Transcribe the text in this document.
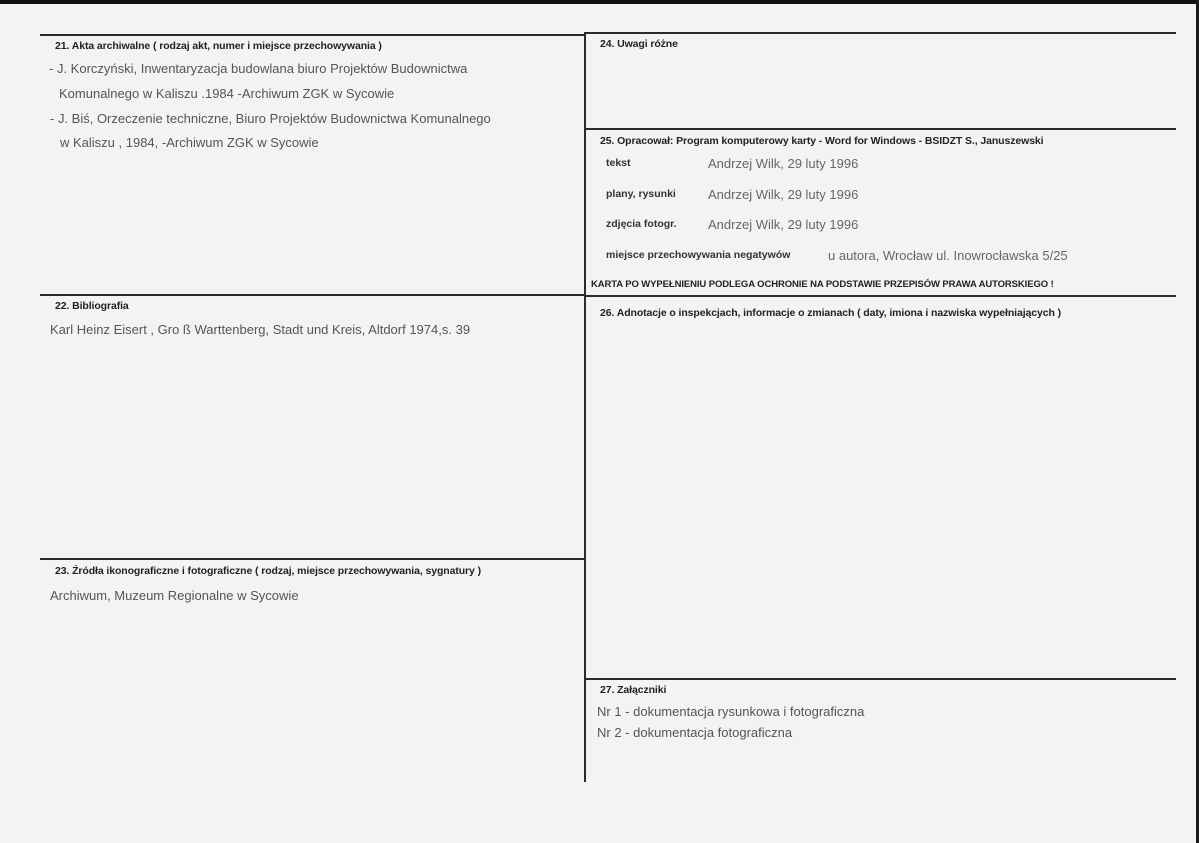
21. Akta archiwalne ( rodzaj akt, numer i miejsce przechowywania )
- J. Korczyński, Inwentaryzacja budowlana biuro Projektów Budownictwa
Komunalnego w Kaliszu .1984 -Archiwum ZGK w Sycowie
- J. Biś, Orzeczenie techniczne, Biuro Projektów Budownictwa Komunalnego
w Kaliszu , 1984, -Archiwum ZGK w Sycowie
22. Bibliografia
Karl Heinz Eisert , Gro ß Warttenberg, Stadt und Kreis, Altdorf 1974,s. 39
23. Źródła ikonograficzne i fotograficzne ( rodzaj, miejsce przechowywania, sygnatury )
Archiwum, Muzeum Regionalne w Sycowie
24. Uwagi różne
25. Opracował: Program komputerowy karty - Word for Windows - BSIDZT S., Januszewski
tekst	Andrzej Wilk, 29 luty 1996
plany, rysunki Andrzej Wilk, 29 luty 1996
zdjęcia fotogr. Andrzej Wilk, 29 luty 1996
miejsce przechowywania negatywów	u autora, Wrocław ul. Inowrocławska 5/25
KARTA PO WYPEŁNIENIU PODLEGA OCHRONIE NA PODSTAWIE PRZEPISÓW PRAWA AUTORSKIEGO !
26. Adnotacje o inspekcjach, informacje o zmianach ( daty, imiona i nazwiska wypełniających )
27. Załączniki
Nr 1 - dokumentacja rysunkowa i fotograficzna
Nr 2 - dokumentacja fotograficzna
